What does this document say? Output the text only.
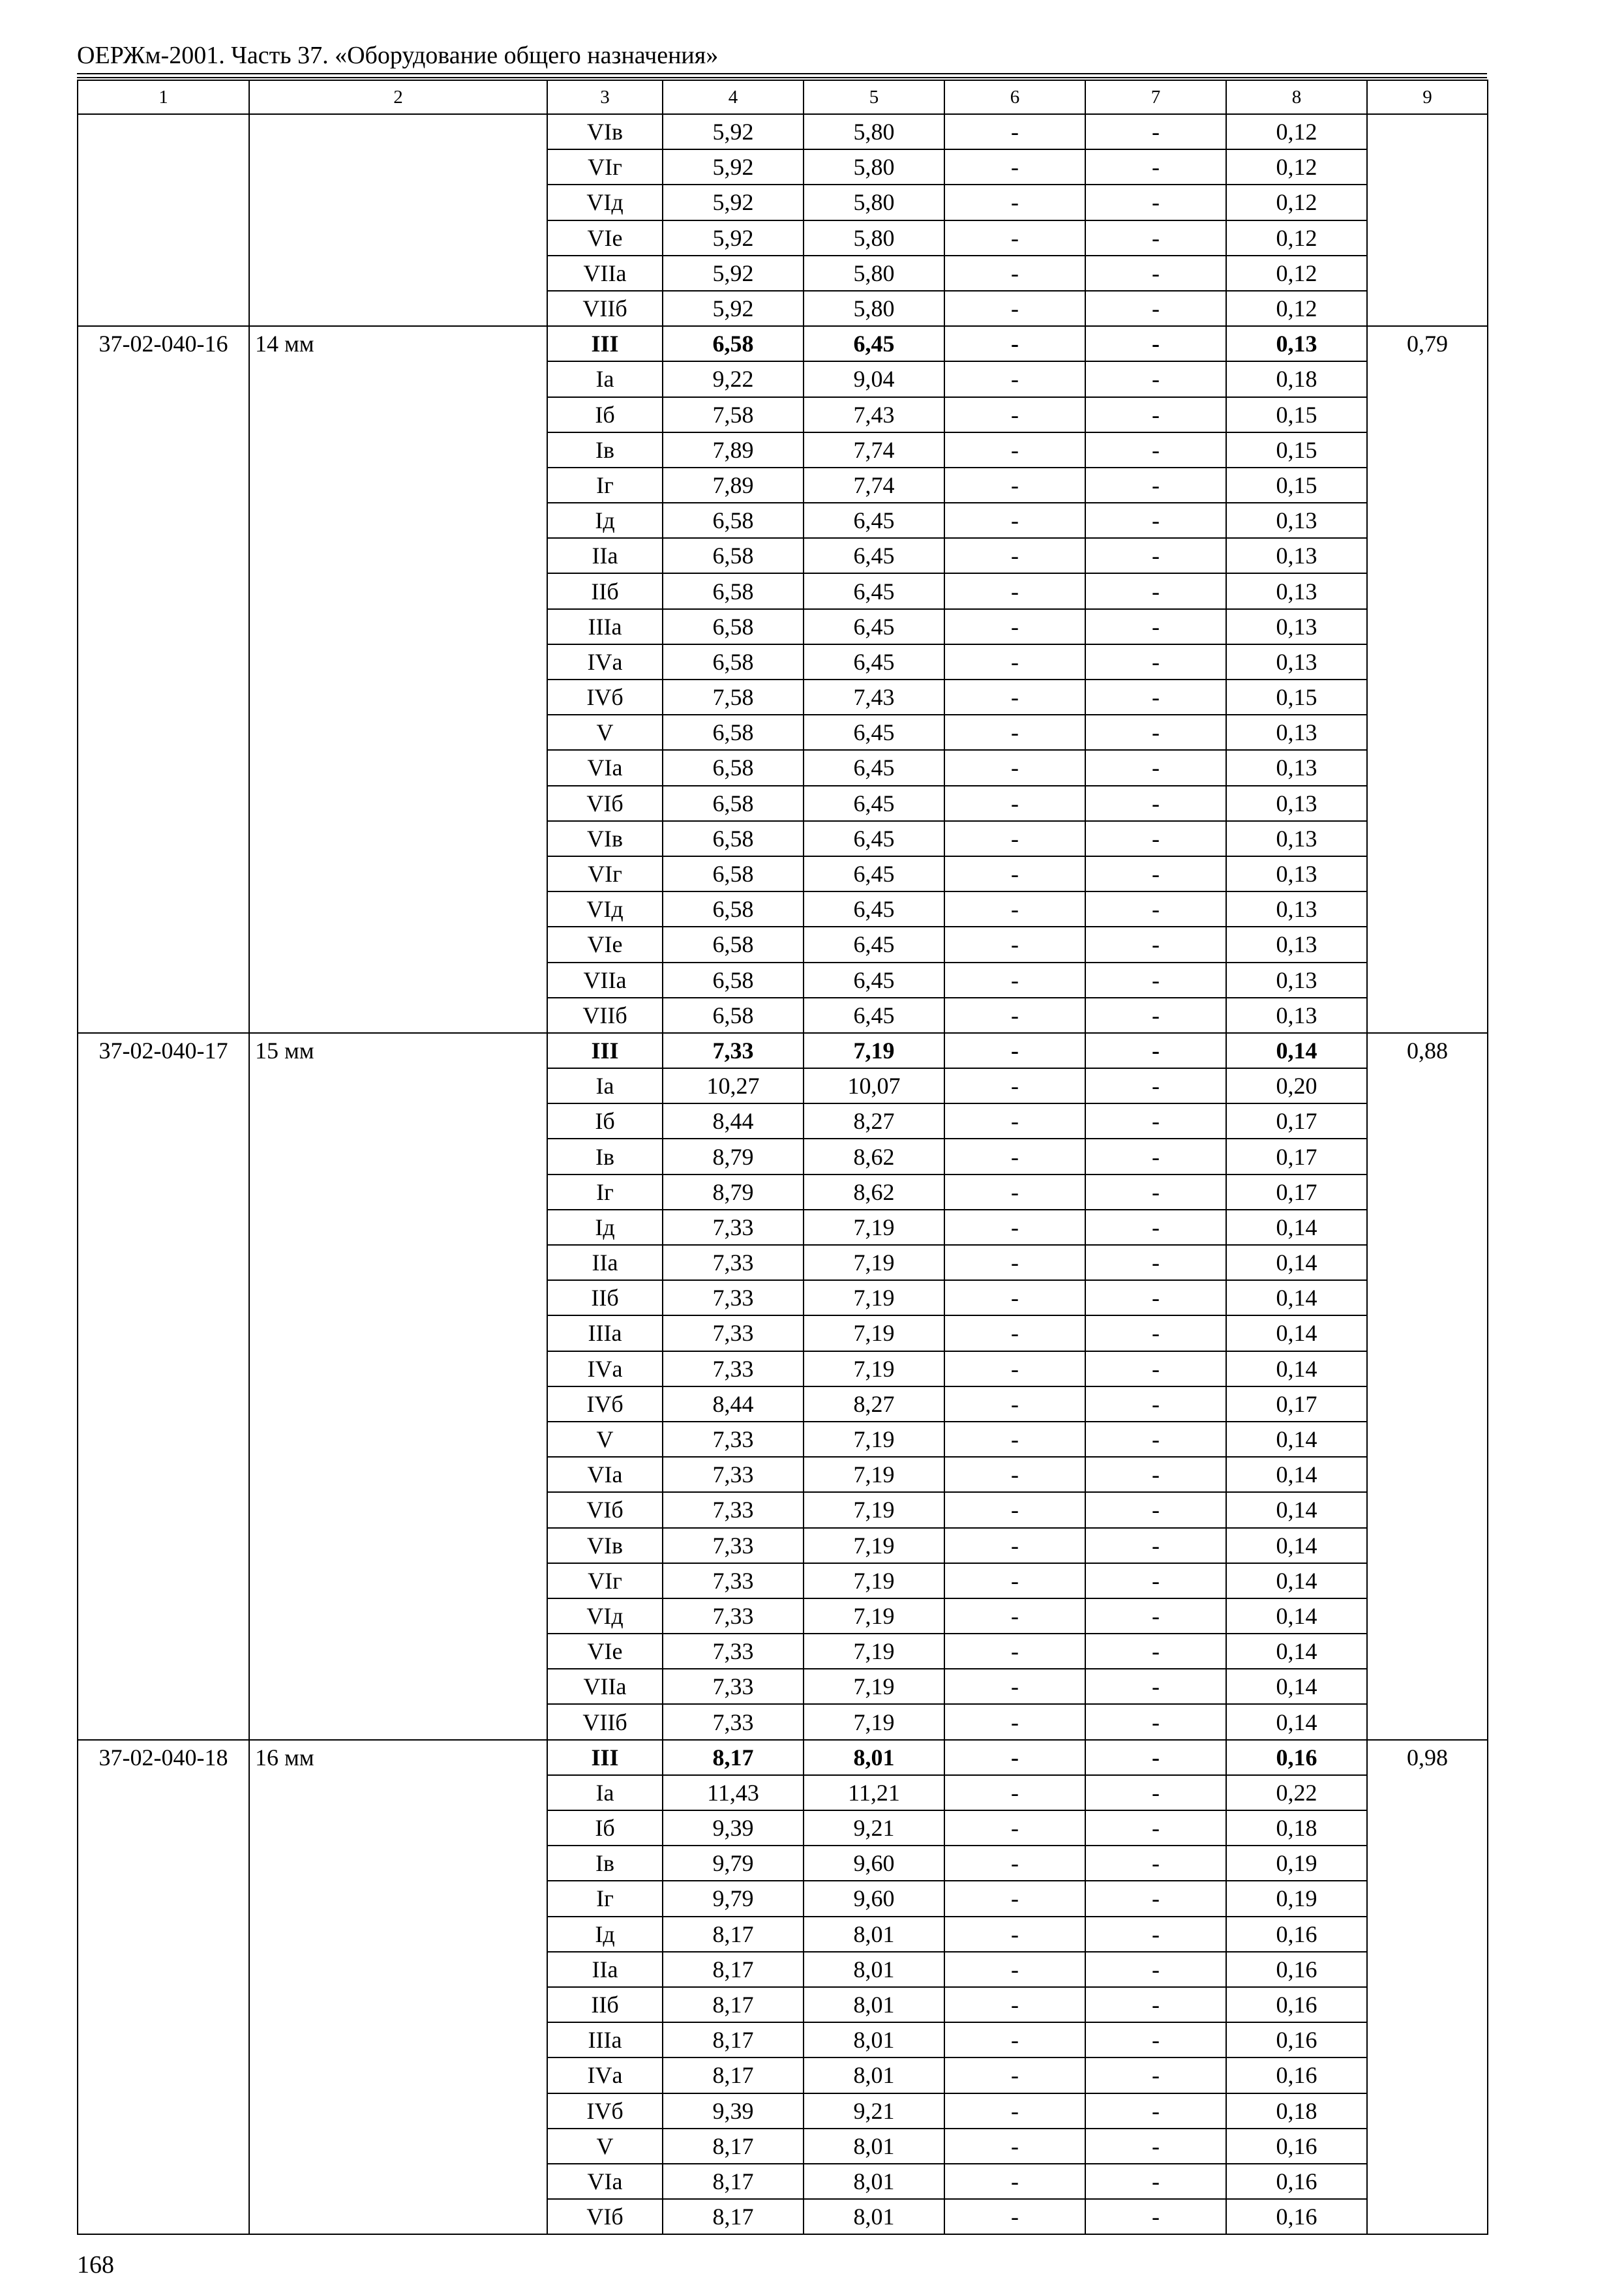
ОЕРЖм-2001. Часть 37. «Оборудование общего назначения»
1	2	3	4	5	6	7	8	9
		VIв	5,92	5,80	-	-	0,12	
		VIг	5,92	5,80	-	-	0,12	
		VIд	5,92	5,80	-	-	0,12	
		VIе	5,92	5,80	-	-	0,12	
		VIIа	5,92	5,80	-	-	0,12	
		VIIб	5,92	5,80	-	-	0,12	
37-02-040-16	14 мм	III	6,58	6,45	-	-	0,13	0,79
		Iа	9,22	9,04	-	-	0,18	
		Iб	7,58	7,43	-	-	0,15	
		Iв	7,89	7,74	-	-	0,15	
		Iг	7,89	7,74	-	-	0,15	
		Iд	6,58	6,45	-	-	0,13	
		IIа	6,58	6,45	-	-	0,13	
		IIб	6,58	6,45	-	-	0,13	
		IIIа	6,58	6,45	-	-	0,13	
		IVа	6,58	6,45	-	-	0,13	
		IVб	7,58	7,43	-	-	0,15	
		V	6,58	6,45	-	-	0,13	
		VIа	6,58	6,45	-	-	0,13	
		VIб	6,58	6,45	-	-	0,13	
		VIв	6,58	6,45	-	-	0,13	
		VIг	6,58	6,45	-	-	0,13	
		VIд	6,58	6,45	-	-	0,13	
		VIе	6,58	6,45	-	-	0,13	
		VIIа	6,58	6,45	-	-	0,13	
		VIIб	6,58	6,45	-	-	0,13	
37-02-040-17	15 мм	III	7,33	7,19	-	-	0,14	0,88
		Iа	10,27	10,07	-	-	0,20	
		Iб	8,44	8,27	-	-	0,17	
		Iв	8,79	8,62	-	-	0,17	
		Iг	8,79	8,62	-	-	0,17	
		Iд	7,33	7,19	-	-	0,14	
		IIа	7,33	7,19	-	-	0,14	
		IIб	7,33	7,19	-	-	0,14	
		IIIа	7,33	7,19	-	-	0,14	
		IVа	7,33	7,19	-	-	0,14	
		IVб	8,44	8,27	-	-	0,17	
		V	7,33	7,19	-	-	0,14	
		VIа	7,33	7,19	-	-	0,14	
		VIб	7,33	7,19	-	-	0,14	
		VIв	7,33	7,19	-	-	0,14	
		VIг	7,33	7,19	-	-	0,14	
		VIд	7,33	7,19	-	-	0,14	
		VIе	7,33	7,19	-	-	0,14	
		VIIа	7,33	7,19	-	-	0,14	
		VIIб	7,33	7,19	-	-	0,14	
37-02-040-18	16 мм	III	8,17	8,01	-	-	0,16	0,98
		Iа	11,43	11,21	-	-	0,22	
		Iб	9,39	9,21	-	-	0,18	
		Iв	9,79	9,60	-	-	0,19	
		Iг	9,79	9,60	-	-	0,19	
		Iд	8,17	8,01	-	-	0,16	
		IIа	8,17	8,01	-	-	0,16	
		IIб	8,17	8,01	-	-	0,16	
		IIIа	8,17	8,01	-	-	0,16	
		IVа	8,17	8,01	-	-	0,16	
		IVб	9,39	9,21	-	-	0,18	
		V	8,17	8,01	-	-	0,16	
		VIа	8,17	8,01	-	-	0,16	
		VIб	8,17	8,01	-	-	0,16	
168
